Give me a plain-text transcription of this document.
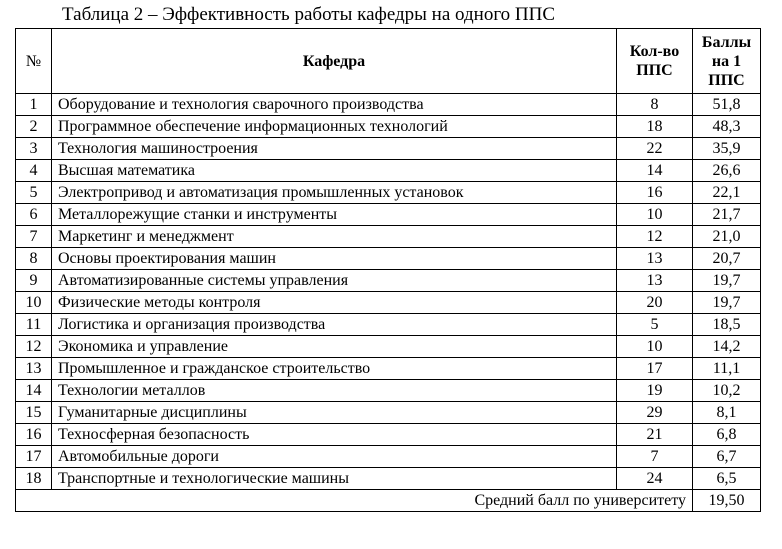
Таблица 2 – Эффективность работы кафедры на одного ППС
№	Кафедра	Кол-во ППС	Баллы на 1 ППС
1	Оборудование и технология сварочного производства	8	51,8
2	Программное обеспечение информационных технологий	18	48,3
3	Технология машиностроения	22	35,9
4	Высшая математика	14	26,6
5	Электропривод и автоматизация промышленных установок	16	22,1
6	Металлорежущие станки и инструменты	10	21,7
7	Маркетинг и менеджмент	12	21,0
8	Основы проектирования машин	13	20,7
9	Автоматизированные системы управления	13	19,7
10	Физические методы контроля	20	19,7
11	Логистика и организация производства	5	18,5
12	Экономика и управление	10	14,2
13	Промышленное и гражданское строительство	17	11,1
14	Технологии металлов	19	10,2
15	Гуманитарные дисциплины	29	8,1
16	Техносферная безопасность	21	6,8
17	Автомобильные дороги	7	6,7
18	Транспортные и технологические машины	24	6,5
Средний балл по университету			19,50
